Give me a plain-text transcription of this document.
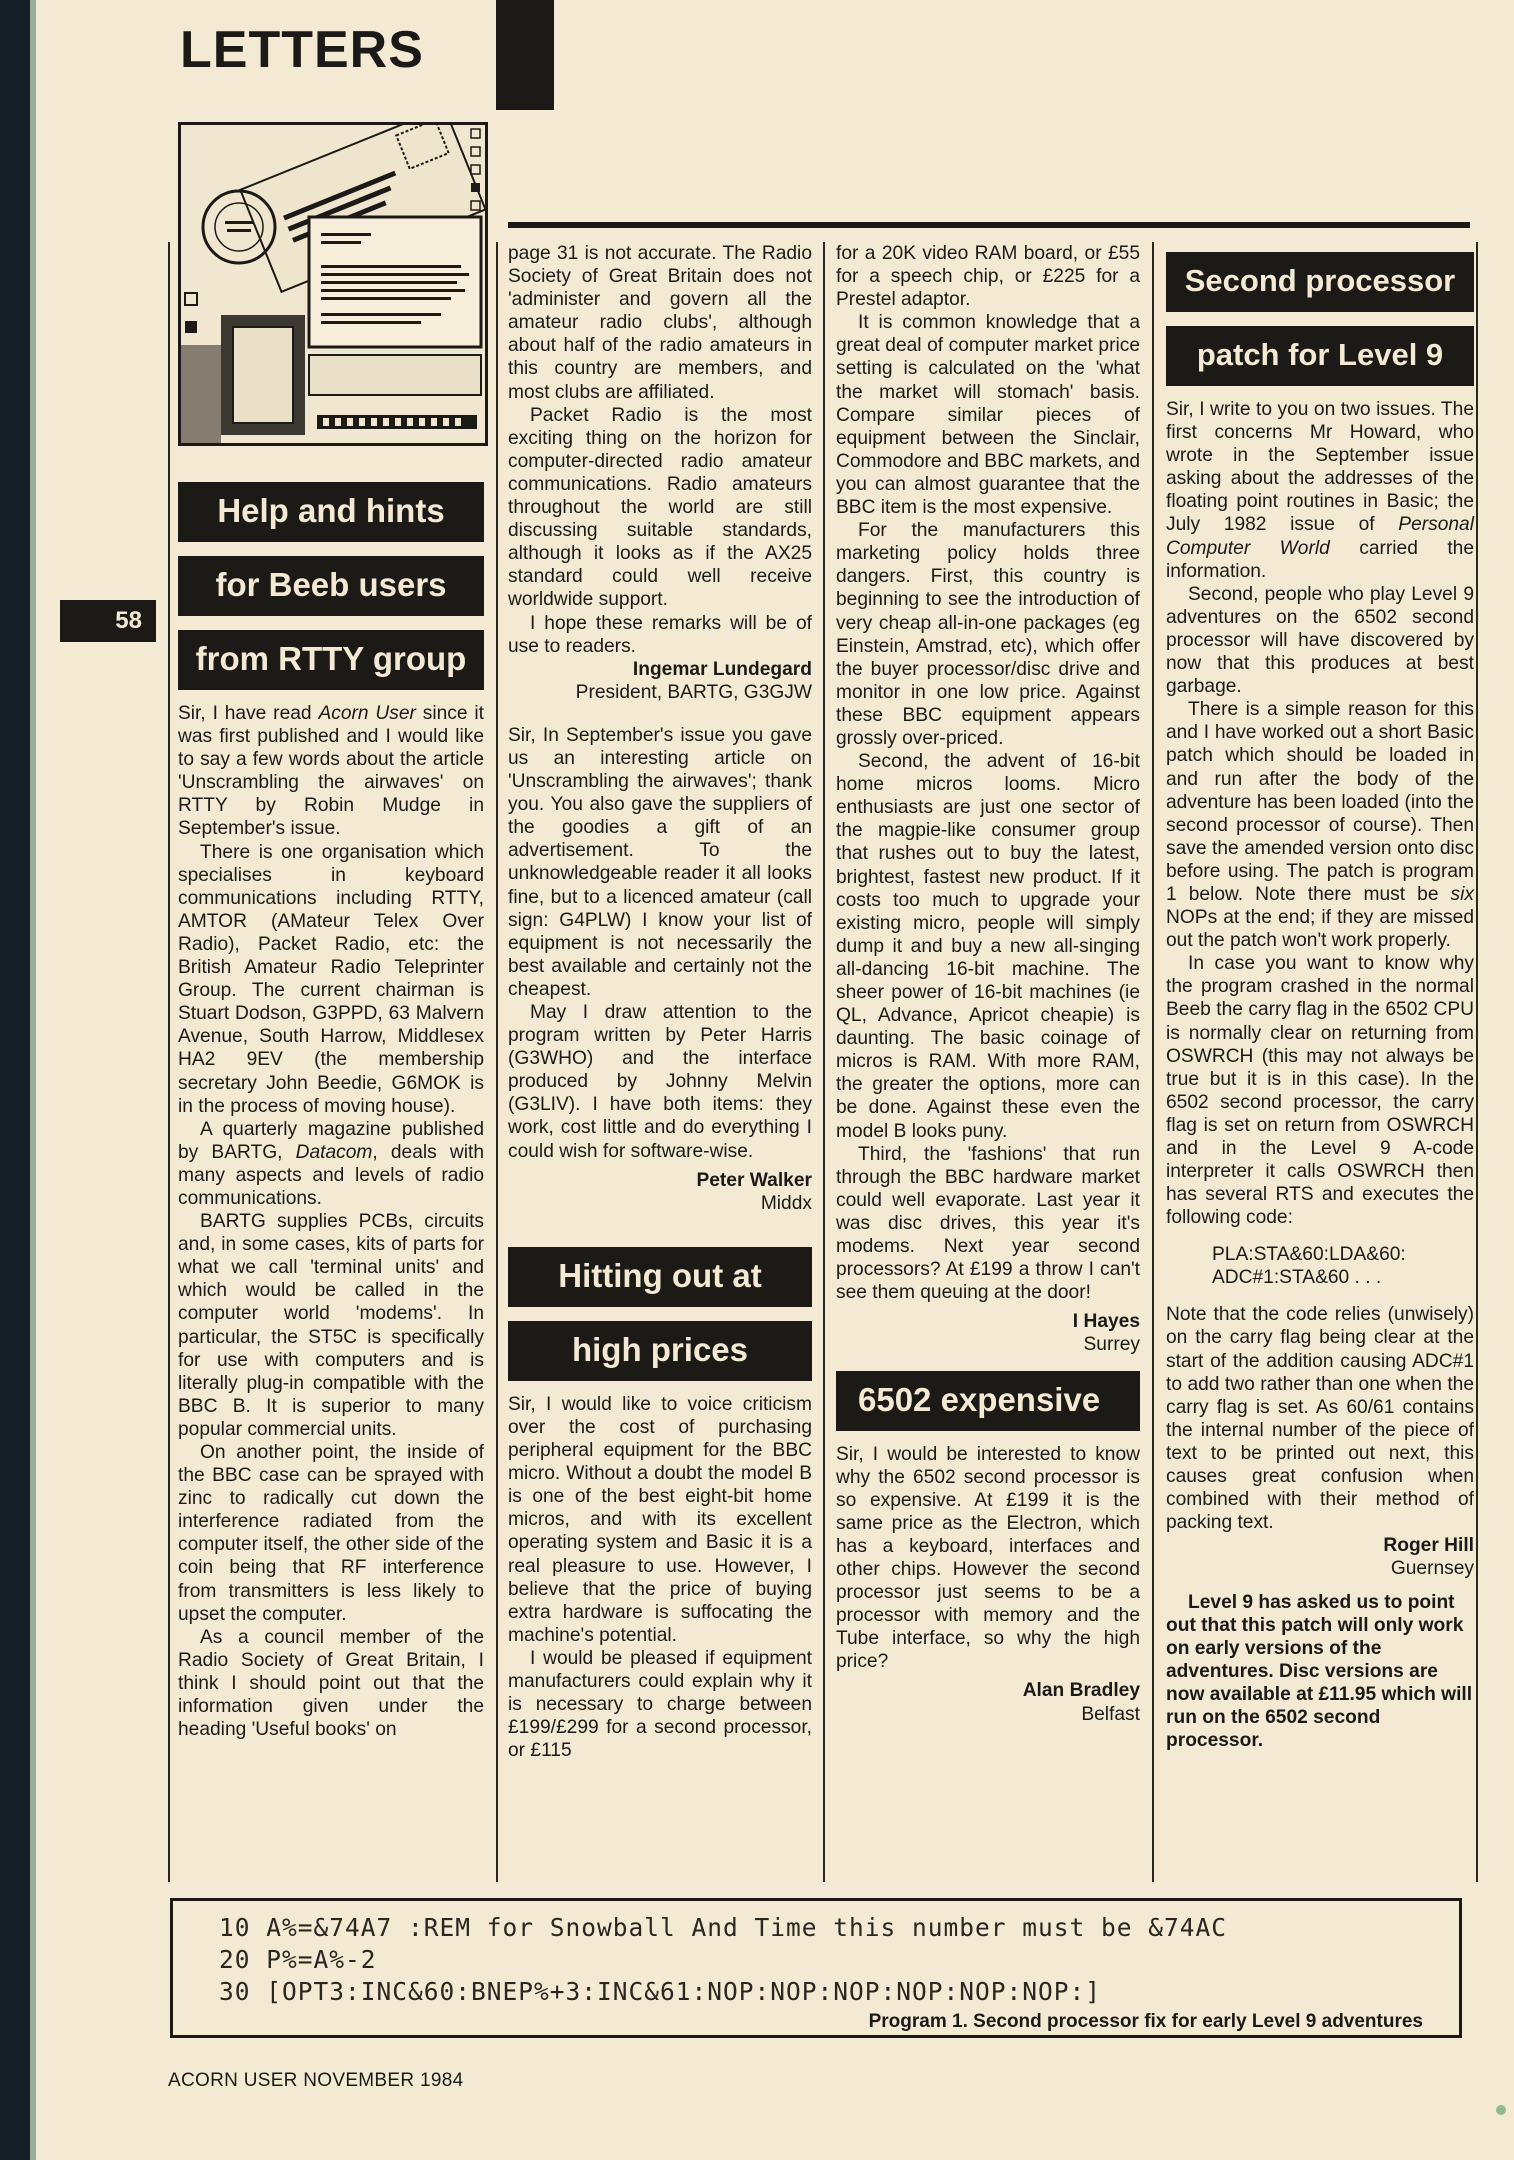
LETTERS
58
Help and hints
for Beeb users
from RTTY group

Sir, I have read Acorn User since it was first published and I would like to say a few words about the article 'Unscrambling the airwaves' on RTTY by Robin Mudge in September's issue.

There is one organisation which specialises in keyboard communications including RTTY, AMTOR (AMateur Telex Over Radio), Packet Radio, etc: the British Amateur Radio Teleprinter Group. The current chairman is Stuart Dodson, G3PPD, 63 Malvern Avenue, South Harrow, Middlesex HA2 9EV (the membership secretary John Beedie, G6MOK is in the process of moving house).

A quarterly magazine published by BARTG, Datacom, deals with many aspects and levels of radio communications.

BARTG supplies PCBs, circuits and, in some cases, kits of parts for what we call 'terminal units' and which would be called in the computer world 'modems'. In particular, the ST5C is specifically for use with computers and is literally plug-in compatible with the BBC B. It is superior to many popular commercial units.

On another point, the inside of the BBC case can be sprayed with zinc to radically cut down the interference radiated from the computer itself, the other side of the coin being that RF interference from transmitters is less likely to upset the computer.

As a council member of the Radio Society of Great Britain, I think I should point out that the information given under the heading 'Useful books' on

page 31 is not accurate. The Radio Society of Great Britain does not 'administer and govern all the amateur radio clubs', although about half of the radio amateurs in this country are members, and most clubs are affiliated.

Packet Radio is the most exciting thing on the horizon for computer-directed radio amateur communications. Radio amateurs throughout the world are still discussing suitable standards, although it looks as if the AX25 standard could well receive worldwide support.

I hope these remarks will be of use to readers.

Ingemar Lundegard

President, BARTG, G3GJW

Sir, In September's issue you gave us an interesting article on 'Unscrambling the airwaves'; thank you. You also gave the suppliers of the goodies a gift of an advertisement. To the unknowledgeable reader it all looks fine, but to a licenced amateur (call sign: G4PLW) I know your list of equipment is not necessarily the best available and certainly not the cheapest.

May I draw attention to the program written by Peter Harris (G3WHO) and the interface produced by Johnny Melvin (G3LIV). I have both items: they work, cost little and do everything I could wish for software-wise.

Peter Walker

Middx

Hitting out at
high prices

Sir, I would like to voice criticism over the cost of purchasing peripheral equipment for the BBC micro. Without a doubt the model B is one of the best eight-bit home micros, and with its excellent operating system and Basic it is a real pleasure to use. However, I believe that the price of buying extra hardware is suffocating the machine's potential.

I would be pleased if equipment manufacturers could explain why it is necessary to charge between £199/£299 for a second processor, or £115

for a 20K video RAM board, or £55 for a speech chip, or £225 for a Prestel adaptor.

It is common knowledge that a great deal of computer market price setting is calculated on the 'what the market will stomach' basis. Compare similar pieces of equipment between the Sinclair, Commodore and BBC markets, and you can almost guarantee that the BBC item is the most expensive.

For the manufacturers this marketing policy holds three dangers. First, this country is beginning to see the introduction of very cheap all-in-one packages (eg Einstein, Amstrad, etc), which offer the buyer processor/disc drive and monitor in one low price. Against these BBC equipment appears grossly over-priced.

Second, the advent of 16-bit home micros looms. Micro enthusiasts are just one sector of the magpie-like consumer group that rushes out to buy the latest, brightest, fastest new product. If it costs too much to upgrade your existing micro, people will simply dump it and buy a new all-singing all-dancing 16-bit machine. The sheer power of 16-bit machines (ie QL, Advance, Apricot cheapie) is daunting. The basic coinage of micros is RAM. With more RAM, the greater the options, more can be done. Against these even the model B looks puny.

Third, the 'fashions' that run through the BBC hardware market could well evaporate. Last year it was disc drives, this year it's modems. Next year second processors? At £199 a throw I can't see them queuing at the door!

I Hayes

Surrey

6502 expensive

Sir, I would be interested to know why the 6502 second processor is so expensive. At £199 it is the same price as the Electron, which has a keyboard, interfaces and other chips. However the second processor just seems to be a processor with memory and the Tube interface, so why the high price?

Alan Bradley

Belfast

Second processor
patch for Level 9

Sir, I write to you on two issues. The first concerns Mr Howard, who wrote in the September issue asking about the addresses of the floating point routines in Basic; the July 1982 issue of Personal Computer World carried the information.

Second, people who play Level 9 adventures on the 6502 second processor will have discovered by now that this produces at best garbage.

There is a simple reason for this and I have worked out a short Basic patch which should be loaded in and run after the body of the adventure has been loaded (into the second processor of course). Then save the amended version onto disc before using. The patch is program 1 below. Note there must be six NOPs at the end; if they are missed out the patch won't work properly.

In case you want to know why the program crashed in the normal Beeb the carry flag in the 6502 CPU is normally clear on returning from OSWRCH (this may not always be true but it is in this case). In the 6502 second processor, the carry flag is set on return from OSWRCH and in the Level 9 A-code interpreter it calls OSWRCH then has several RTS and executes the following code:

PLA:STA&60:LDA&60:

ADC#1:STA&60 . . .

Note that the code relies (unwisely) on the carry flag being clear at the start of the addition causing ADC#1 to add two rather than one when the carry flag is set. As 60/61 contains the internal number of the piece of text to be printed out next, this causes great confusion when combined with their method of packing text.

Roger Hill

Guernsey

Level 9 has asked us to point out that this patch will only work on early versions of the adventures. Disc versions are now available at £11.95 which will run on the 6502 second processor.

10 A%=&74A7 :REM for Snowball And Time this number must be &74AC
20 P%=A%-2
30 [OPT3:INC&60:BNEP%+3:INC&61:NOP:NOP:NOP:NOP:NOP:NOP:]
Program 1. Second processor fix for early Level 9 adventures
ACORN USER NOVEMBER 1984
